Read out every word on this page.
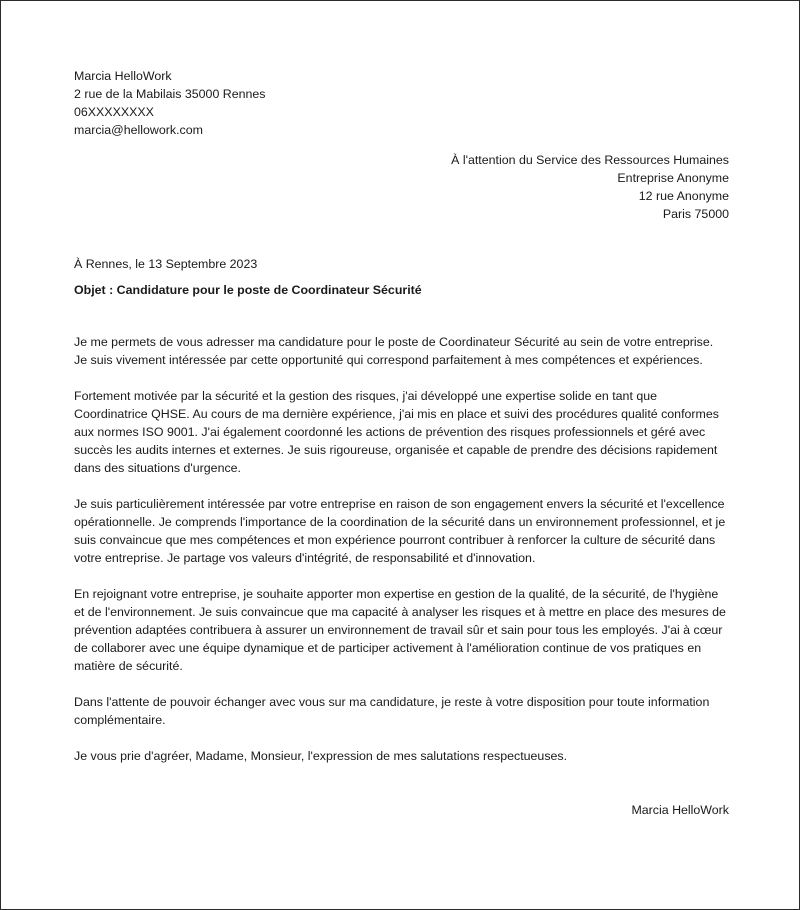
Marcia HelloWork
2 rue de la Mabilais 35000 Rennes
06XXXXXXXX
marcia@hellowork.com
À l'attention du Service des Ressources Humaines
Entreprise Anonyme
12 rue Anonyme
Paris 75000
À Rennes, le 13 Septembre 2023
Objet : Candidature pour le poste de Coordinateur Sécurité

Je me permets de vous adresser ma candidature pour le poste de Coordinateur Sécurité au sein de votre entreprise. Je suis vivement intéressée par cette opportunité qui correspond parfaitement à mes compétences et expériences.

Fortement motivée par la sécurité et la gestion des risques, j'ai développé une expertise solide en tant que Coordinatrice QHSE. Au cours de ma dernière expérience, j'ai mis en place et suivi des procédures qualité conformes aux normes ISO 9001. J'ai également coordonné les actions de prévention des risques professionnels et géré avec succès les audits internes et externes. Je suis rigoureuse, organisée et capable de prendre des décisions rapidement dans des situations d'urgence.

Je suis particulièrement intéressée par votre entreprise en raison de son engagement envers la sécurité et l'excellence opérationnelle. Je comprends l'importance de la coordination de la sécurité dans un environnement professionnel, et je suis convaincue que mes compétences et mon expérience pourront contribuer à renforcer la culture de sécurité dans votre entreprise. Je partage vos valeurs d'intégrité, de responsabilité et d'innovation.

En rejoignant votre entreprise, je souhaite apporter mon expertise en gestion de la qualité, de la sécurité, de l'hygiène et de l'environnement. Je suis convaincue que ma capacité à analyser les risques et à mettre en place des mesures de prévention adaptées contribuera à assurer un environnement de travail sûr et sain pour tous les employés. J'ai à cœur de collaborer avec une équipe dynamique et de participer activement à l'amélioration continue de vos pratiques en matière de sécurité.

Dans l'attente de pouvoir échanger avec vous sur ma candidature, je reste à votre disposition pour toute information complémentaire.

Je vous prie d'agréer, Madame, Monsieur, l'expression de mes salutations respectueuses.

Marcia HelloWork
